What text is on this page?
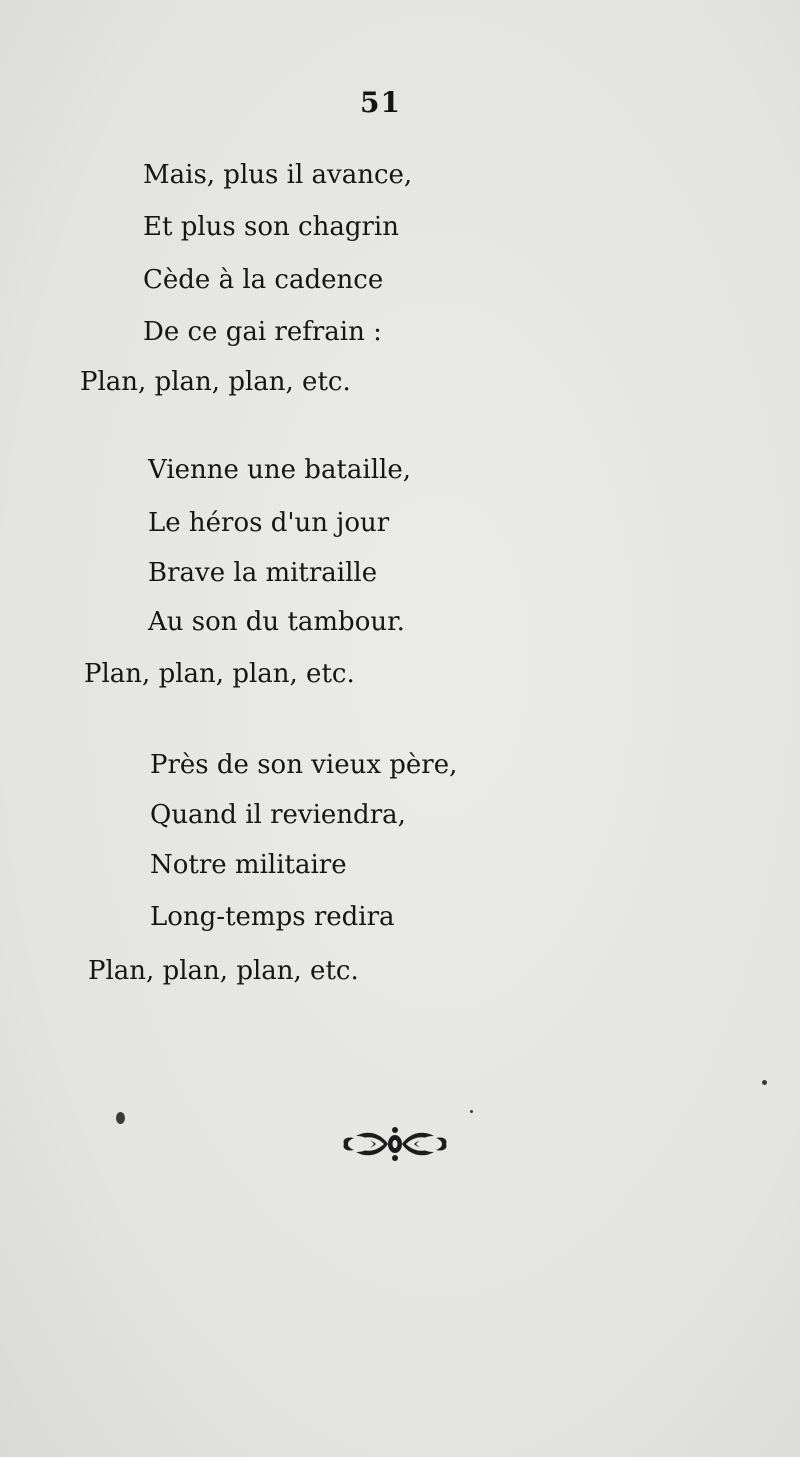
51
Mais, plus il avance,
Et plus son chagrin
Cède à la cadence
De ce gai refrain :
Plan, plan, plan, etc.
Vienne une bataille,
Le héros d'un jour
Brave la mitraille
Au son du tambour.
Plan, plan, plan, etc.
Près de son vieux père,
Quand il reviendra,
Notre militaire
Long-temps redira
Plan, plan, plan, etc.
